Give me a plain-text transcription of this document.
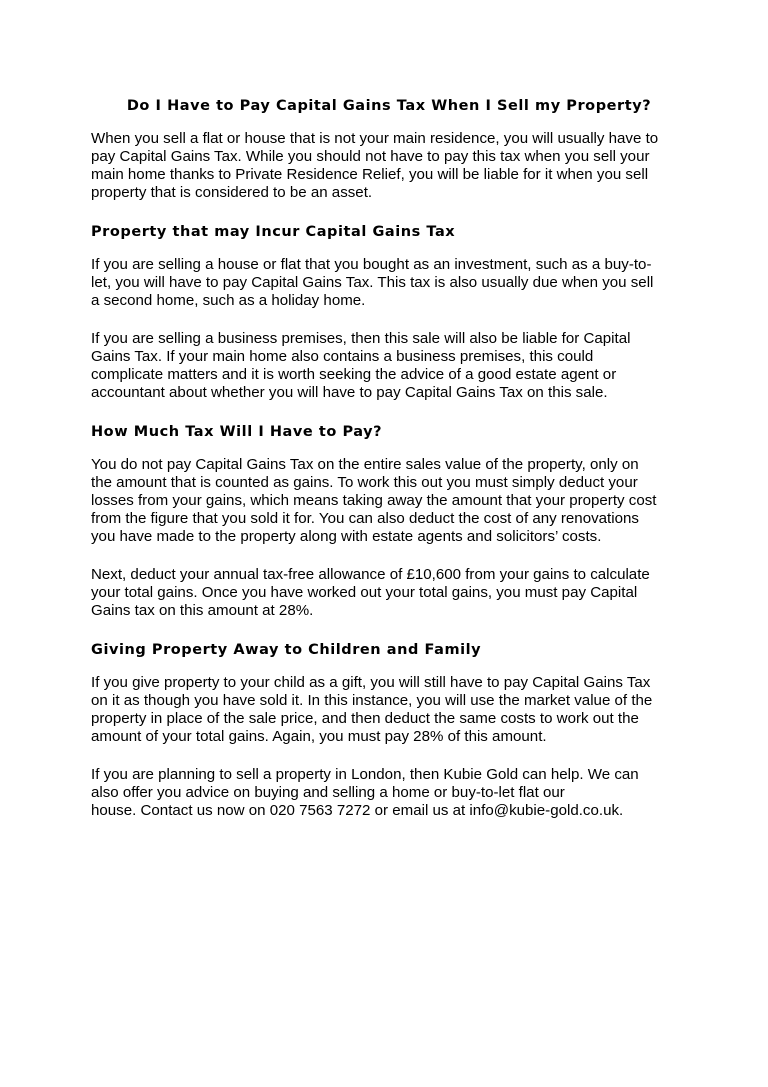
Do I Have to Pay Capital Gains Tax When I Sell my Property?

When you sell a flat or house that is not your main residence, you will usually have to
pay Capital Gains Tax. While you should not have to pay this tax when you sell your
main home thanks to Private Residence Relief, you will be liable for it when you sell
property that is considered to be an asset.

Property that may Incur Capital Gains Tax

If you are selling a house or flat that you bought as an investment, such as a buy-to-
let, you will have to pay Capital Gains Tax. This tax is also usually due when you sell
a second home, such as a holiday home.

If you are selling a business premises, then this sale will also be liable for Capital
Gains Tax. If your main home also contains a business premises, this could
complicate matters and it is worth seeking the advice of a good estate agent or
accountant about whether you will have to pay Capital Gains Tax on this sale.

How Much Tax Will I Have to Pay?

You do not pay Capital Gains Tax on the entire sales value of the property, only on
the amount that is counted as gains. To work this out you must simply deduct your
losses from your gains, which means taking away the amount that your property cost
from the figure that you sold it for. You can also deduct the cost of any renovations
you have made to the property along with estate agents and solicitors’ costs.

Next, deduct your annual tax-free allowance of £10,600 from your gains to calculate
your total gains. Once you have worked out your total gains, you must pay Capital
Gains tax on this amount at 28%.

Giving Property Away to Children and Family

If you give property to your child as a gift, you will still have to pay Capital Gains Tax
on it as though you have sold it. In this instance, you will use the market value of the
property in place of the sale price, and then deduct the same costs to work out the
amount of your total gains. Again, you must pay 28% of this amount.

If you are planning to sell a property in London, then Kubie Gold can help. We can
also offer you advice on buying and selling a home or buy-to-let flat our
house. Contact us now on 020 7563 7272 or email us at info@kubie-gold.co.uk.
